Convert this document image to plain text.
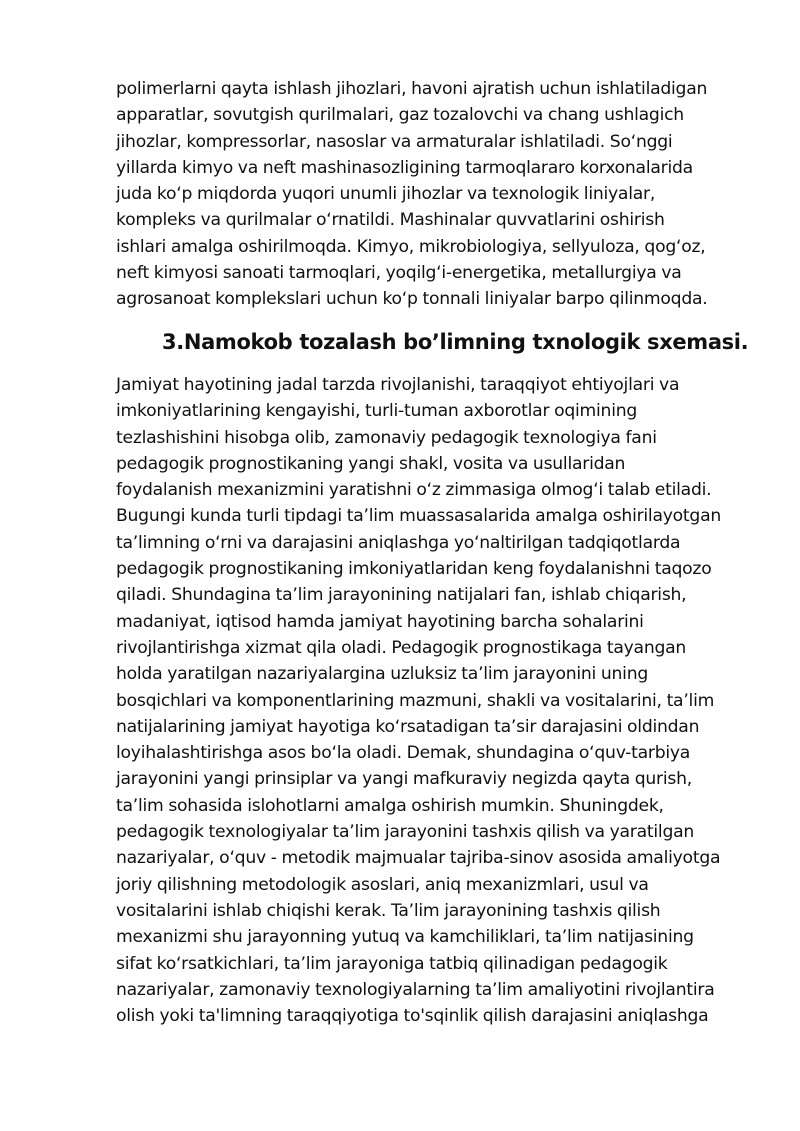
polimerlarni qayta ishlash jihozlari, havoni ajratish uchun ishlatiladigan
apparatlar, sovutgish qurilmalari, gaz tozalovchi va chang ushlagich
jihozlar, kompressorlar, nasoslar va armaturalar ishlatiladi. So‘nggi
yillarda kimyo va neft mashinasozligining tarmoqlararo korxonalarida
juda ko‘p miqdorda yuqori unumli jihozlar va texnologik liniyalar,
kompleks va qurilmalar o‘rnatildi. Mashinalar quvvatlarini oshirish
ishlari amalga oshirilmoqda. Kimyo, mikrobiologiya, sellyuloza, qog‘oz,
neft kimyosi sanoati tarmoqlari, yoqilg‘i-energetika, metallurgiya va
agrosanoat komplekslari uchun ko‘p tonnali liniyalar barpo qilinmoqda.
3.Namokob tozalash bo’limning txnologik sxemasi.
Jamiyat hayotining jadal tarzda rivojlanishi, taraqqiyot ehtiyojlari va
imkoniyatlarining kengayishi, turli-tuman axborotlar oqimining
tezlashishini hisobga olib, zamonaviy pedagogik texnologiya fani
pedagogik prognostikaning yangi shakl, vosita va usullaridan
foydalanish mexanizmini yaratishni o‘z zimmasiga olmog‘i talab etiladi.
Bugungi kunda turli tipdagi ta’lim muassasalarida amalga oshirilayotgan
ta’limning o‘rni va darajasini aniqlashga yo‘naltirilgan tadqiqotlarda
pedagogik prognostikaning imkoniyatlaridan keng foydalanishni taqozo
qiladi. Shundagina ta’lim jarayonining natijalari fan, ishlab chiqarish,
madaniyat, iqtisod hamda jamiyat hayotining barcha sohalarini
rivojlantirishga xizmat qila oladi. Pedagogik prognostikaga tayangan
holda yaratilgan nazariyalargina uzluksiz ta’lim jarayonini uning
bosqichlari va komponentlarining mazmuni, shakli va vositalarini, ta’lim
natijalarining jamiyat hayotiga ko‘rsatadigan ta’sir darajasini oldindan
loyihalashtirishga asos bo‘la oladi. Demak, shundagina o‘quv-tarbiya
jarayonini yangi prinsiplar va yangi mafkuraviy negizda qayta qurish,
ta’lim sohasida islohotlarni amalga oshirish mumkin. Shuningdek,
pedagogik texnologiyalar ta’lim jarayonini tashxis qilish va yaratilgan
nazariyalar, o‘quv - metodik majmualar tajriba-sinov asosida amaliyotga
joriy qilishning metodologik asoslari, aniq mexanizmlari, usul va
vositalarini ishlab chiqishi kerak. Ta’lim jarayonining tashxis qilish
mexanizmi shu jarayonning yutuq va kamchiliklari, ta’lim natijasining
sifat ko‘rsatkichlari, ta’lim jarayoniga tatbiq qilinadigan pedagogik
nazariyalar, zamonaviy texnologiyalarning ta’lim amaliyotini rivojlantira
olish yoki ta'limning taraqqiyotiga to'sqinlik qilish darajasini aniqlashga
